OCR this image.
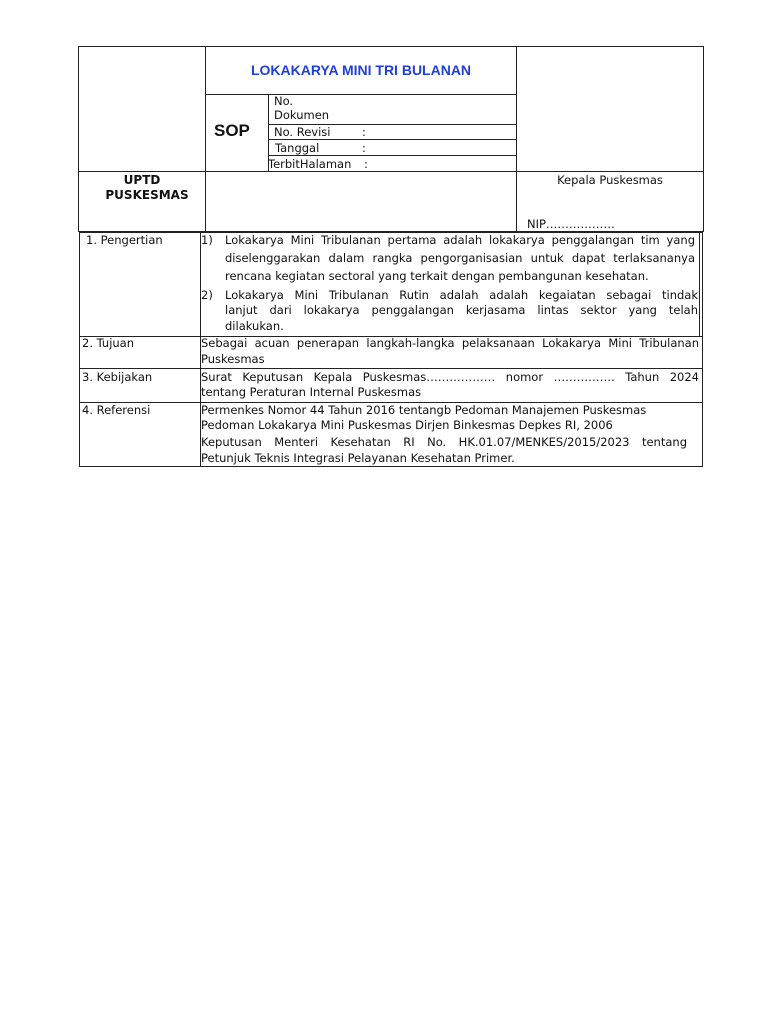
LOKAKARYA MINI TRI BULANAN
SOP
No.
Dokumen
No. Revisi	:
Tanggal	:
TerbitHalaman :
UPTD
PUSKESMAS
Kepala Puskesmas
NIP………………
1. Pengertian	1) Lokakarya Mini Tribulanan pertama adalah lokakarya penggalangan tim yang
diselenggarakan dalam rangka pengorganisasian untuk dapat terlaksananya
rencana kegiatan sectoral yang terkait dengan pembangunan kesehatan.
2) Lokakarya Mini Tribulanan Rutin adalah adalah kegaiatan sebagai tindak
lanjut dari lokakarya penggalangan kerjasama lintas sektor yang telah
dilakukan.
2. Tujuan	Sebagai acuan penerapan langkah-langka pelaksanaan Lokakarya Mini Tribulanan
Puskesmas
3. Kebijakan	Surat Keputusan Kepala Puskesmas……………… nomor ……………. Tahun 2024
tentang Peraturan Internal Puskesmas
4. Referensi	Permenkes Nomor 44 Tahun 2016 tentangb Pedoman Manajemen Puskesmas
Pedoman Lokakarya Mini Puskesmas Dirjen Binkesmas Depkes RI, 2006
Keputusan Menteri Kesehatan RI No. HK.01.07/MENKES/2015/2023 tentang
Petunjuk Teknis Integrasi Pelayanan Kesehatan Primer.
